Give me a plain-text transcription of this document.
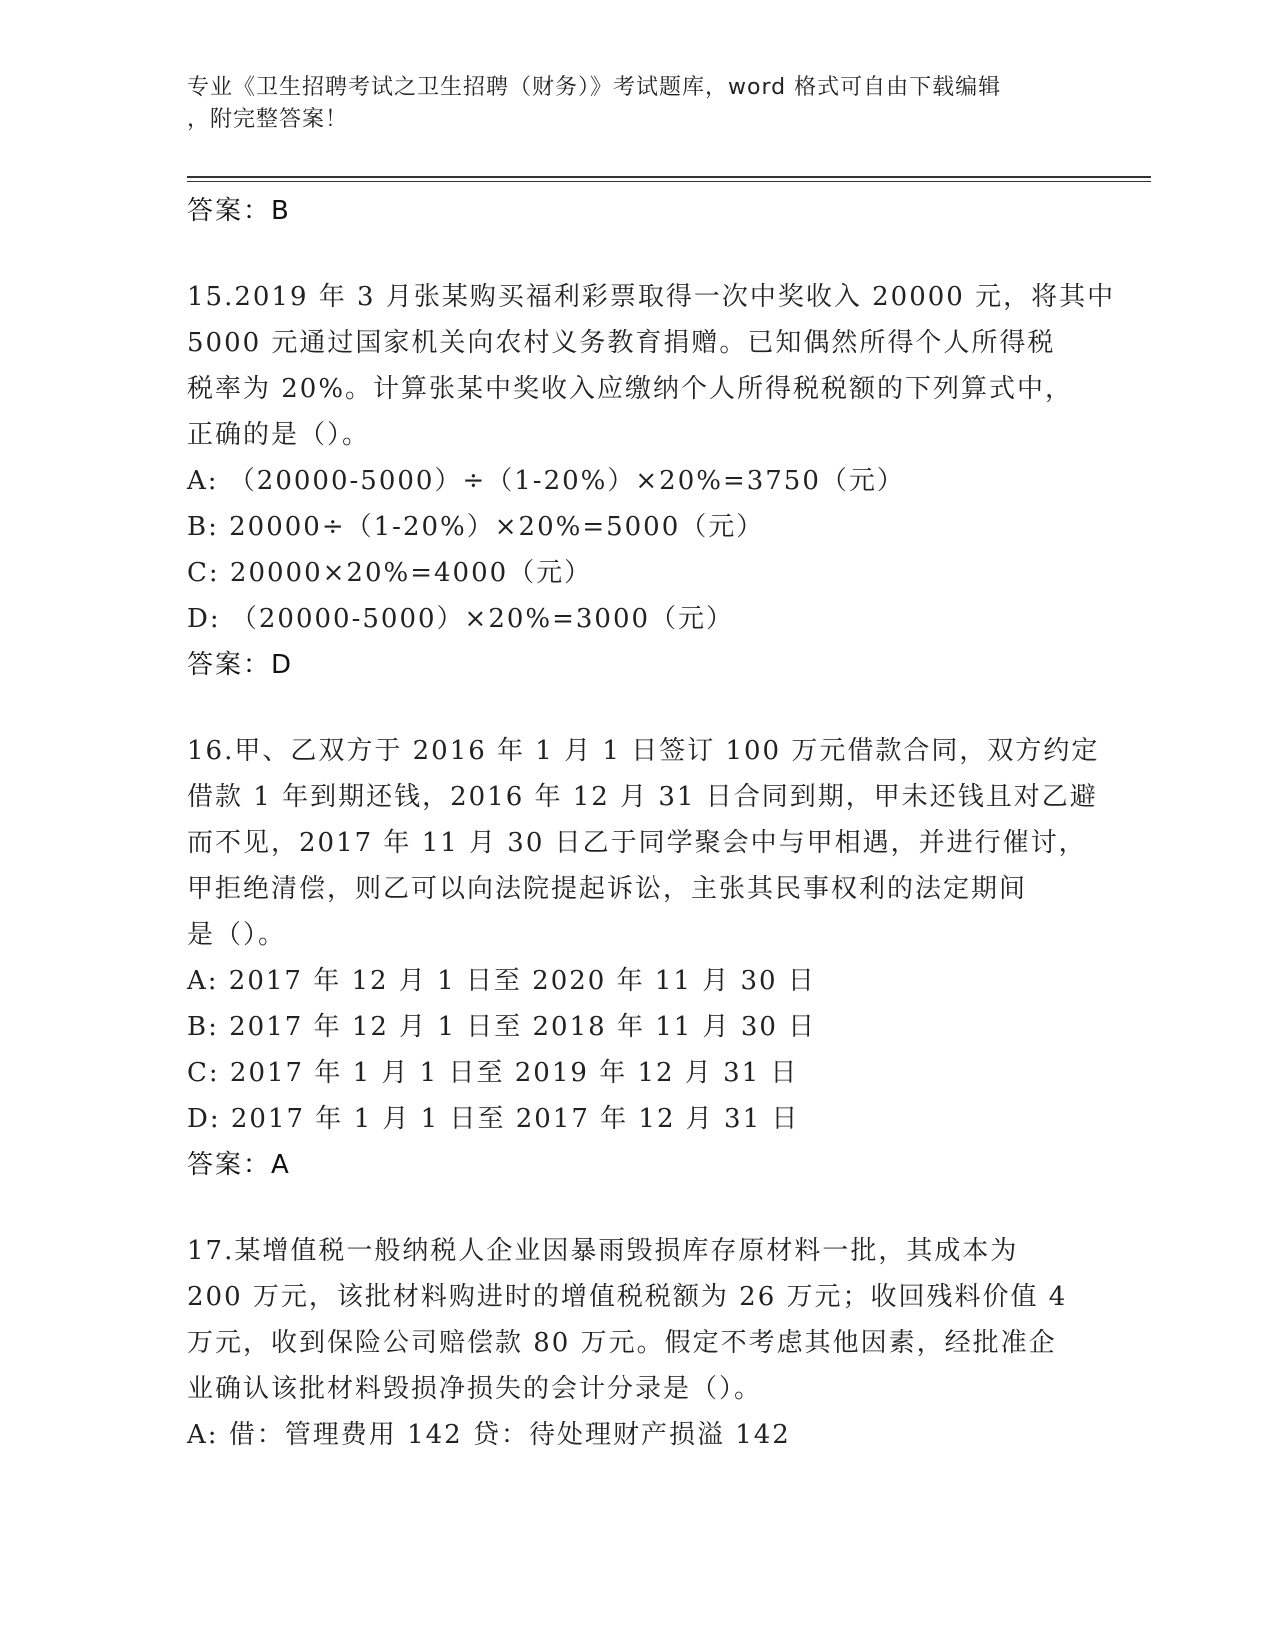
专业《卫生招聘考试之卫生招聘（财务）》考试题库，word 格式可自由下载编辑
，附完整答案！
答案：B
15.2019 年 3 月张某购买福利彩票取得一次中奖收入 20000 元，将其中
5000 元通过国家机关向农村义务教育捐赠。已知偶然所得个人所得税
税率为 20%。计算张某中奖收入应缴纳个人所得税税额的下列算式中，
正确的是（）。
A: （20000-5000）÷（1-20%）×20%=3750（元）
B: 20000÷（1-20%）×20%=5000（元）
C: 20000×20%=4000（元）
D: （20000-5000）×20%=3000（元）
答案：D
16.甲、乙双方于 2016 年 1 月 1 日签订 100 万元借款合同，双方约定
借款 1 年到期还钱，2016 年 12 月 31 日合同到期，甲未还钱且对乙避
而不见，2017 年 11 月 30 日乙于同学聚会中与甲相遇，并进行催讨，
甲拒绝清偿，则乙可以向法院提起诉讼，主张其民事权利的法定期间
是（）。
A: 2017 年 12 月 1 日至 2020 年 11 月 30 日
B: 2017 年 12 月 1 日至 2018 年 11 月 30 日
C: 2017 年 1 月 1 日至 2019 年 12 月 31 日
D: 2017 年 1 月 1 日至 2017 年 12 月 31 日
答案：A
17.某增值税一般纳税人企业因暴雨毁损库存原材料一批，其成本为
200 万元，该批材料购进时的增值税税额为 26 万元；收回残料价值 4
万元，收到保险公司赔偿款 80 万元。假定不考虑其他因素，经批准企
业确认该批材料毁损净损失的会计分录是（）。
A: 借：管理费用 142 贷：待处理财产损溢 142
